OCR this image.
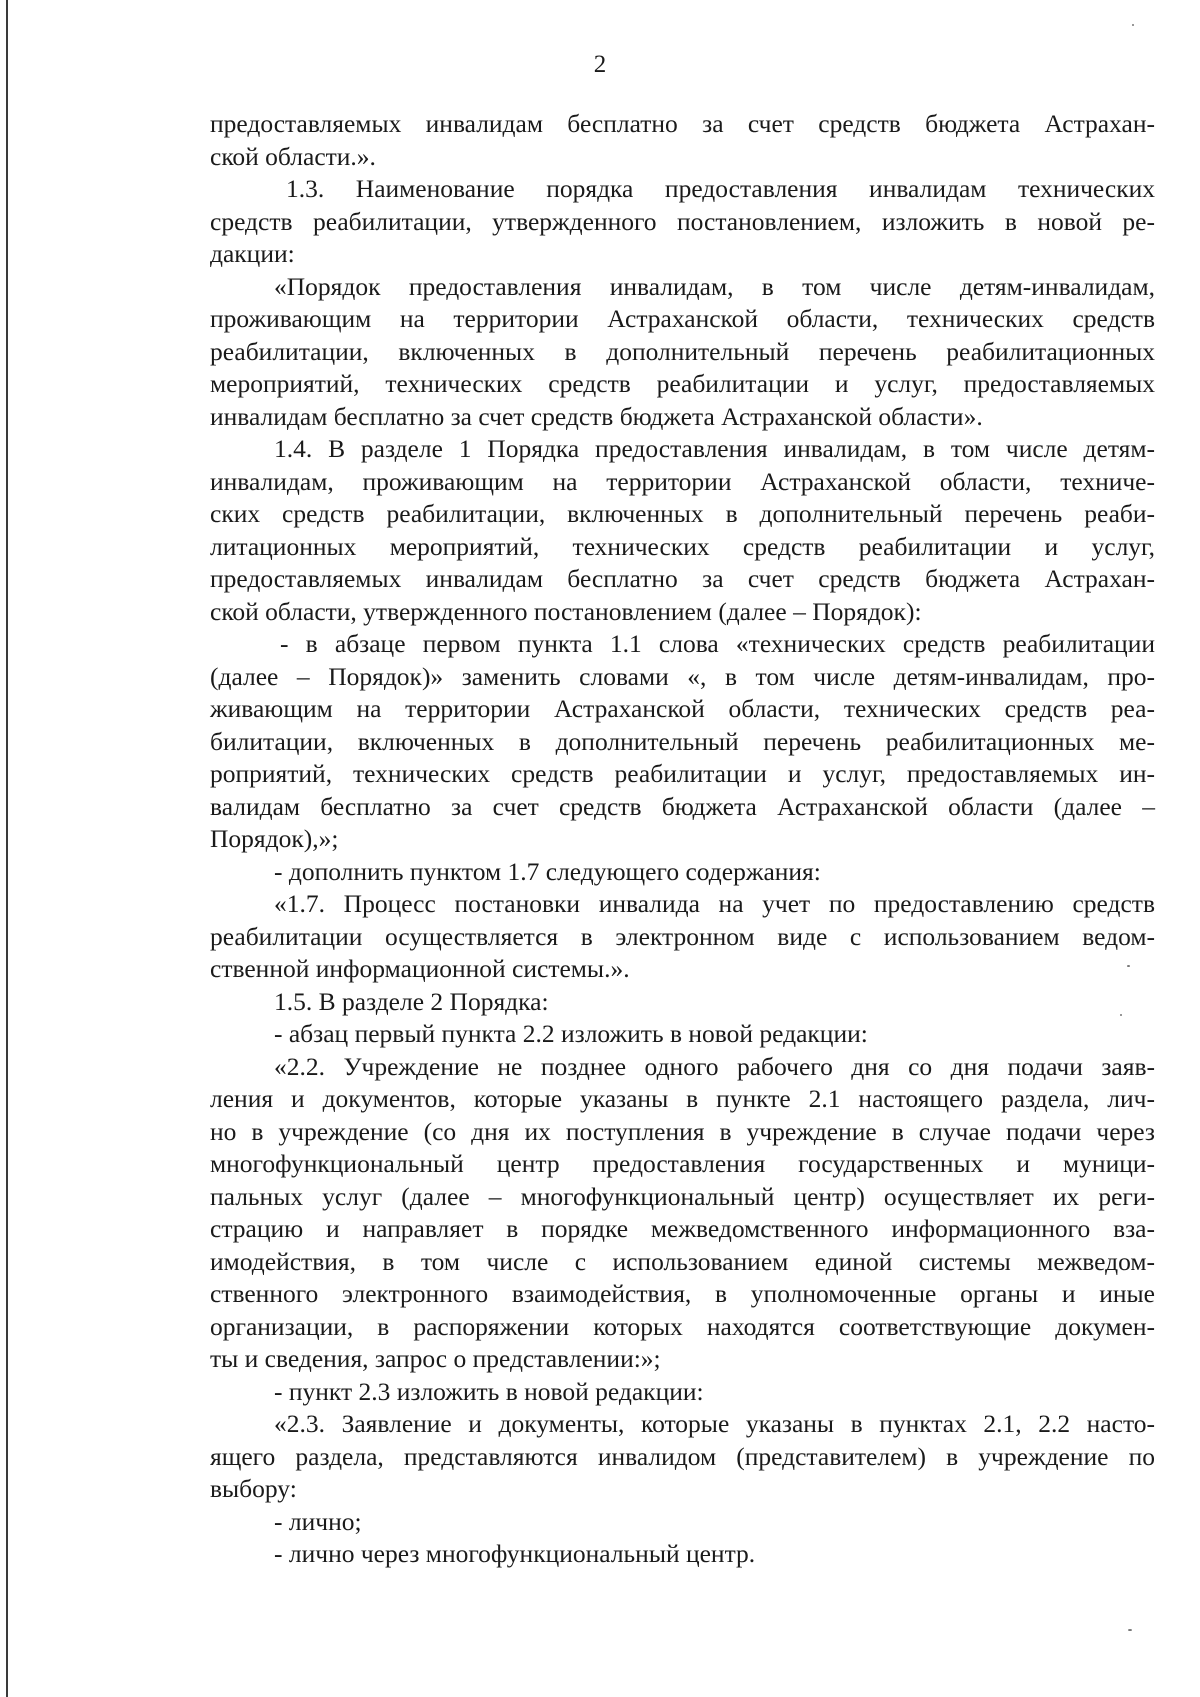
2
предоставляемых инвалидам бесплатно за счет средств бюджета Астрахан-
ской области.».
1.3. Наименование порядка предоставления инвалидам технических
средств реабилитации, утвержденного постановлением, изложить в новой ре-
дакции:
«Порядок предоставления инвалидам, в том числе детям-инвалидам,
проживающим на территории Астраханской области, технических средств
реабилитации, включенных в дополнительный перечень реабилитационных
мероприятий, технических средств реабилитации и услуг, предоставляемых
инвалидам бесплатно за счет средств бюджета Астраханской области».
1.4. В разделе 1 Порядка предоставления инвалидам, в том числе детям-
инвалидам, проживающим на территории Астраханской области, техниче-
ских средств реабилитации, включенных в дополнительный перечень реаби-
литационных мероприятий, технических средств реабилитации и услуг,
предоставляемых инвалидам бесплатно за счет средств бюджета Астрахан-
ской области, утвержденного постановлением (далее – Порядок):
- в абзаце первом пункта 1.1 слова «технических средств реабилитации
(далее – Порядок)» заменить словами «, в том числе детям-инвалидам, про-
живающим на территории Астраханской области, технических средств реа-
билитации, включенных в дополнительный перечень реабилитационных ме-
роприятий, технических средств реабилитации и услуг, предоставляемых ин-
валидам бесплатно за счет средств бюджета Астраханской области (далее –
Порядок),»;
- дополнить пунктом 1.7 следующего содержания:
«1.7. Процесс постановки инвалида на учет по предоставлению средств
реабилитации осуществляется в электронном виде с использованием ведом-
ственной информационной системы.».
1.5. В разделе 2 Порядка:
- абзац первый пункта 2.2 изложить в новой редакции:
«2.2. Учреждение не позднее одного рабочего дня со дня подачи заяв-
ления и документов, которые указаны в пункте 2.1 настоящего раздела, лич-
но в учреждение (со дня их поступления в учреждение в случае подачи через
многофункциональный центр предоставления государственных и муници-
пальных услуг (далее – многофункциональный центр) осуществляет их реги-
страцию и направляет в порядке межведомственного информационного вза-
имодействия, в том числе с использованием единой системы межведом-
ственного электронного взаимодействия, в уполномоченные органы и иные
организации, в распоряжении которых находятся соответствующие докумен-
ты и сведения, запрос о представлении:»;
- пункт 2.3 изложить в новой редакции:
«2.3. Заявление и документы, которые указаны в пунктах 2.1, 2.2 насто-
ящего раздела, представляются инвалидом (представителем) в учреждение по
выбору:
- лично;
- лично через многофункциональный центр.
